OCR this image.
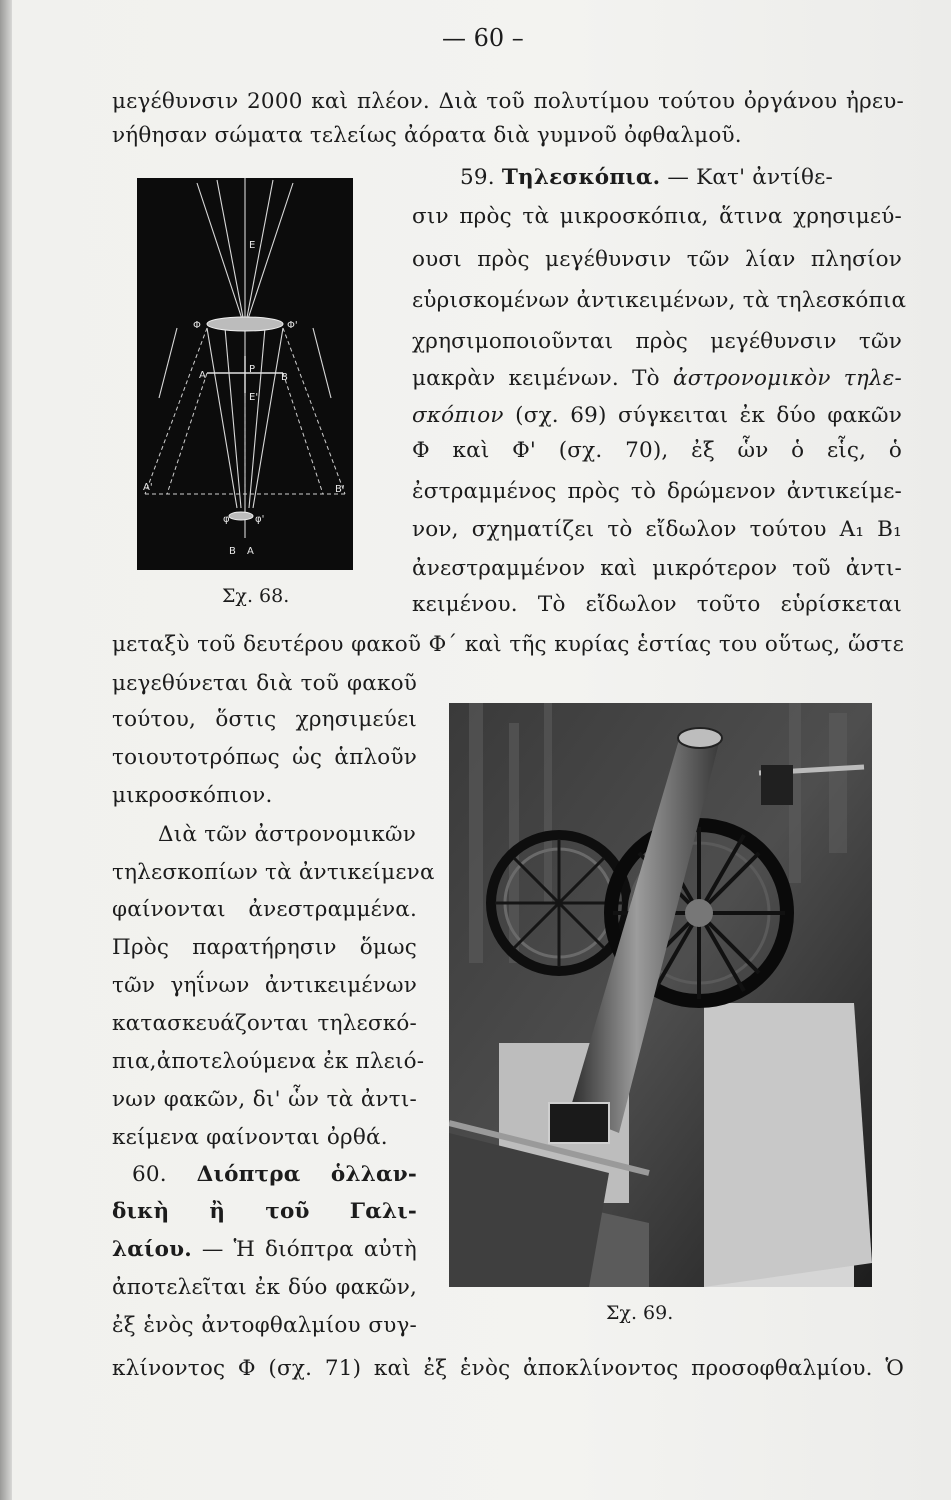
— 60 –
μεγέθυνσιν 2000 καὶ πλέον. Διὰ τοῦ πολυτίμου τούτου ὀργάνου ἠρευ-
νήθησαν σώματα τελείως ἀόρατα διὰ γυμνοῦ ὀφθαλμοῦ.
Ε
Φ	Φ'
Α
Ρ
Β
Ε'
Α'	Β'
φ	φ'
Β Α
Σχ. 68.
59. Τηλεσκόπια. — Κατ' ἀντίθε-
σιν πρὸς τὰ μικροσκόπια, ἅτινα χρησιμεύ-
ουσι πρὸς μεγέθυνσιν τῶν λίαν πλησίον
εὑρισκομένων ἀντικειμένων, τὰ τηλεσκόπια
χρησιμοποιοῦνται πρὸς μεγέθυνσιν τῶν
μακρὰν κειμένων. Τὸ ἀστρονομικὸν τηλε-
σκόπιον (σχ. 69) σύγκειται ἐκ δύο φακῶν
Φ καὶ Φ' (σχ. 70), ἐξ ὧν ὁ εἷς, ὁ
ἐστραμμένος πρὸς τὸ δρώμενον ἀντικείμε-
νον, σχηματίζει τὸ εἴδωλον τούτου Α₁ Β₁
ἀνεστραμμένον καὶ μικρότερον τοῦ ἀντι-
κειμένου. Τὸ εἴδωλον τοῦτο εὑρίσκεται
μεταξὺ τοῦ δευτέρου φακοῦ Φ΄ καὶ τῆς κυρίας ἑστίας του οὕτως, ὥστε
μεγεθύνεται διὰ τοῦ φακοῦ
τούτου, ὅστις χρησιμεύει
τοιουτοτρόπως ὡς ἁπλοῦν
μικροσκόπιον.
Διὰ τῶν ἀστρονομικῶν
τηλεσκοπίων τὰ ἀντικείμενα
φαίνονται ἀνεστραμμένα.
Πρὸς παρατήρησιν ὅμως
τῶν γηΐνων ἀντικειμένων
κατασκευάζονται τηλεσκό-
πια,ἀποτελούμενα ἐκ πλειό-
νων φακῶν, δι' ὧν τὰ ἀντι-
κείμενα φαίνονται ὀρθά.
60. Διόπτρα ὁλλαν-
δικὴ ἢ τοῦ Γαλι-
λαίου. — Ἡ διόπτρα αὐτὴ
ἀποτελεῖται ἐκ δύο φακῶν,
ἐξ ἑνὸς ἀντοφθαλμίου συγ-
κλίνοντος Φ (σχ. 71) καὶ ἐξ ἑνὸς ἀποκλίνοντος προσοφθαλμίου. Ὁ
Σχ. 69.
